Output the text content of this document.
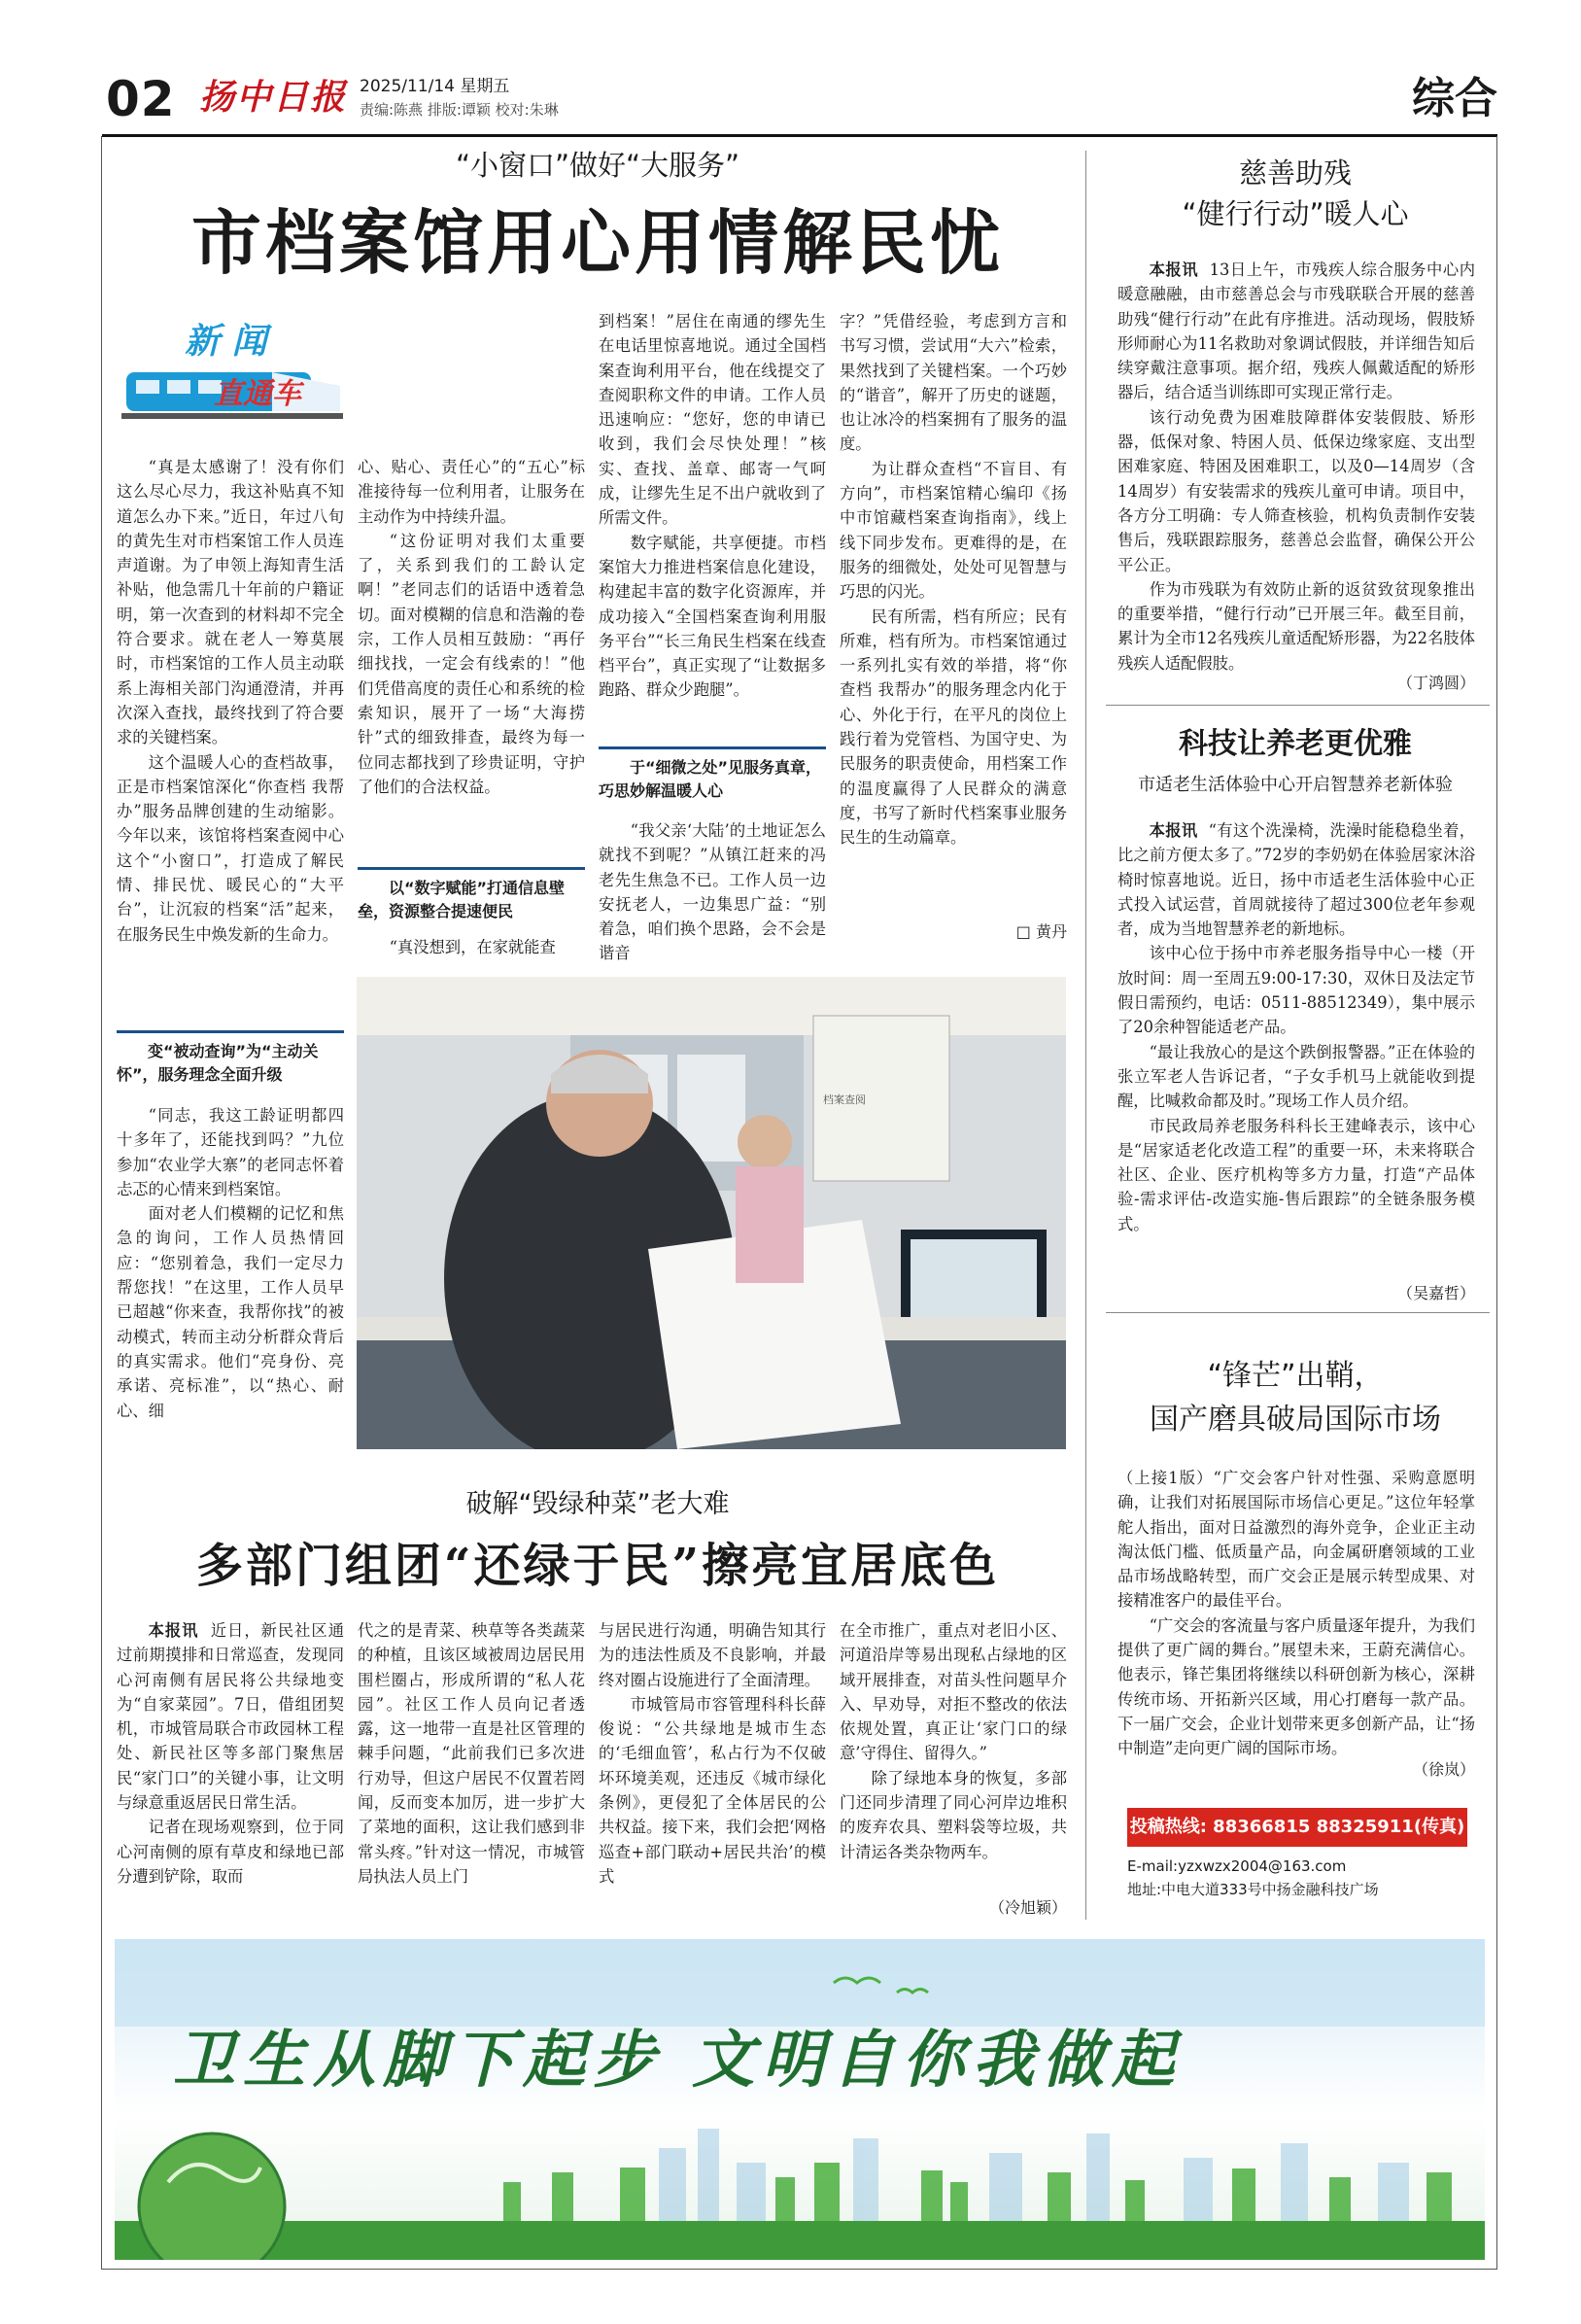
02 扬中日报 2025/11/14 星期五
责编:陈燕 排版:谭颖 校对:朱琳	综合
“小窗口”做好“大服务”
市档案馆用心用情解民忧
新 闻
直通车

“真是太感谢了！没有你们这么尽心尽力，我这补贴真不知道怎么办下来。”近日，年过八旬的黄先生对市档案馆工作人员连声道谢。为了申领上海知青生活补贴，他急需几十年前的户籍证明，第一次查到的材料却不完全符合要求。就在老人一筹莫展时，市档案馆的工作人员主动联系上海相关部门沟通澄清，并再次深入查找，最终找到了符合要求的关键档案。

这个温暖人心的查档故事，正是市档案馆深化“你查档 我帮办”服务品牌创建的生动缩影。今年以来，该馆将档案查阅中心这个“小窗口”，打造成了解民情、排民忧、暖民心的“大平台”，让沉寂的档案“活”起来，在服务民生中焕发新的生命力。

变“被动查询”为“主动关怀”，服务理念全面升级

“同志，我这工龄证明都四十多年了，还能找到吗？”九位参加“农业学大寨”的老同志怀着忐忑的心情来到档案馆。

面对老人们模糊的记忆和焦急的询问，工作人员热情回应：“您别着急，我们一定尽力帮您找！”在这里，工作人员早已超越“你来查，我帮你找”的被动模式，转而主动分析群众背后的真实需求。他们“亮身份、亮承诺、亮标准”，以“热心、耐心、细

心、贴心、责任心”的“五心”标准接待每一位利用者，让服务在主动作为中持续升温。

“这份证明对我们太重要了，关系到我们的工龄认定啊！”老同志们的话语中透着急切。面对模糊的信息和浩瀚的卷宗，工作人员相互鼓励：“再仔细找找，一定会有线索的！”他们凭借高度的责任心和系统的检索知识，展开了一场“大海捞针”式的细致排查，最终为每一位同志都找到了珍贵证明，守护了他们的合法权益。

以“数字赋能”打通信息壁垒，资源整合提速便民

“真没想到，在家就能查

到档案！”居住在南通的缪先生在电话里惊喜地说。通过全国档案查询利用平台，他在线提交了查阅职称文件的申请。工作人员迅速响应：“您好，您的申请已收到，我们会尽快处理！”核实、查找、盖章、邮寄一气呵成，让缪先生足不出户就收到了所需文件。

数字赋能，共享便捷。市档案馆大力推进档案信息化建设，构建起丰富的数字化资源库，并成功接入“全国档案查询利用服务平台”“长三角民生档案在线查档平台”，真正实现了“让数据多跑路、群众少跑腿”。

于“细微之处”见服务真章，巧思妙解温暖人心

“我父亲‘大陆’的土地证怎么就找不到呢？”从镇江赶来的冯老先生焦急不已。工作人员一边安抚老人，一边集思广益：“别着急，咱们换个思路，会不会是谐音

字？”凭借经验，考虑到方言和书写习惯，尝试用“大六”检索，果然找到了关键档案。一个巧妙的“谐音”，解开了历史的谜题，也让冰冷的档案拥有了服务的温度。

为让群众查档“不盲目、有方向”，市档案馆精心编印《扬中市馆藏档案查询指南》，线上线下同步发布。更难得的是，在服务的细微处，处处可见智慧与巧思的闪光。

民有所需，档有所应；民有所难，档有所为。市档案馆通过一系列扎实有效的举措，将“你查档 我帮办”的服务理念内化于心、外化于行，在平凡的岗位上践行着为党管档、为国守史、为民服务的职责使命，用档案工作的温度赢得了人民群众的满意度，书写了新时代档案事业服务民生的生动篇章。

□ 黄丹
档案查阅
破解“毁绿种菜”老大难
多部门组团“还绿于民”擦亮宜居底色

本报讯 近日，新民社区通过前期摸排和日常巡查，发现同心河南侧有居民将公共绿地变为“自家菜园”。7日，借组团契机，市城管局联合市政园林工程处、新民社区等多部门聚焦居民“家门口”的关键小事，让文明与绿意重返居民日常生活。

记者在现场观察到，位于同心河南侧的原有草皮和绿地已部分遭到铲除，取而

代之的是青菜、秧草等各类蔬菜的种植，且该区域被周边居民用围栏圈占，形成所谓的“私人花园”。社区工作人员向记者透露，这一地带一直是社区管理的棘手问题，“此前我们已多次进行劝导，但这户居民不仅置若罔闻，反而变本加厉，进一步扩大了菜地的面积，这让我们感到非常头疼。”针对这一情况，市城管局执法人员上门

与居民进行沟通，明确告知其行为的违法性质及不良影响，并最终对圈占设施进行了全面清理。

市城管局市容管理科科长薛俊说：“公共绿地是城市生态的‘毛细血管’，私占行为不仅破坏环境美观，还违反《城市绿化条例》，更侵犯了全体居民的公共权益。接下来，我们会把‘网格巡查+部门联动+居民共治’的模式

在全市推广，重点对老旧小区、河道沿岸等易出现私占绿地的区域开展排查，对苗头性问题早介入、早劝导，对拒不整改的依法依规处置，真正让‘家门口的绿意’守得住、留得久。”

除了绿地本身的恢复，多部门还同步清理了同心河岸边堆积的废弃农具、塑料袋等垃圾，共计清运各类杂物两车。

（冷旭颖）
慈善助残
“健行行动”暖人心

本报讯 13日上午，市残疾人综合服务中心内暖意融融，由市慈善总会与市残联联合开展的慈善助残“健行行动”在此有序推进。活动现场，假肢矫形师耐心为11名救助对象调试假肢，并详细告知后续穿戴注意事项。据介绍，残疾人佩戴适配的矫形器后，结合适当训练即可实现正常行走。

该行动免费为困难肢障群体安装假肢、矫形器，低保对象、特困人员、低保边缘家庭、支出型困难家庭、特困及困难职工，以及0—14周岁（含14周岁）有安装需求的残疾儿童可申请。项目中，各方分工明确：专人筛查核验，机构负责制作安装售后，残联跟踪服务，慈善总会监督，确保公开公平公正。

作为市残联为有效防止新的返贫致贫现象推出的重要举措，“健行行动”已开展三年。截至目前，累计为全市12名残疾儿童适配矫形器，为22名肢体残疾人适配假肢。

（丁鸿圆）
科技让养老更优雅
市适老生活体验中心开启智慧养老新体验

本报讯 “有这个洗澡椅，洗澡时能稳稳坐着，比之前方便太多了。”72岁的李奶奶在体验居家沐浴椅时惊喜地说。近日，扬中市适老生活体验中心正式投入试运营，首周就接待了超过300位老年参观者，成为当地智慧养老的新地标。

该中心位于扬中市养老服务指导中心一楼（开放时间：周一至周五9:00-17:30，双休日及法定节假日需预约，电话：0511-88512349），集中展示了20余种智能适老产品。

“最让我放心的是这个跌倒报警器。”正在体验的张立军老人告诉记者，“子女手机马上就能收到提醒，比喊救命都及时。”现场工作人员介绍。

市民政局养老服务科科长王建峰表示，该中心是“居家适老化改造工程”的重要一环，未来将联合社区、企业、医疗机构等多方力量，打造“产品体验-需求评估-改造实施-售后跟踪”的全链条服务模式。

（吴嘉哲）
“锋芒”出鞘，
国产磨具破局国际市场

（上接1版）“广交会客户针对性强、采购意愿明确，让我们对拓展国际市场信心更足。”这位年轻掌舵人指出，面对日益激烈的海外竞争，企业正主动淘汰低门槛、低质量产品，向金属研磨领域的工业品市场战略转型，而广交会正是展示转型成果、对接精准客户的最佳平台。

“广交会的客流量与客户质量逐年提升，为我们提供了更广阔的舞台。”展望未来，王蔚充满信心。他表示，锋芒集团将继续以科研创新为核心，深耕传统市场、开拓新兴区域，用心打磨每一款产品。下一届广交会，企业计划带来更多创新产品，让“扬中制造”走向更广阔的国际市场。

（徐岚）
投稿热线: 88366815 88325911(传真)
E-mail:yzxwzx2004@163.com
地址:中电大道333号中扬金融科技广场
卫生从脚下起步 文明自你我做起
